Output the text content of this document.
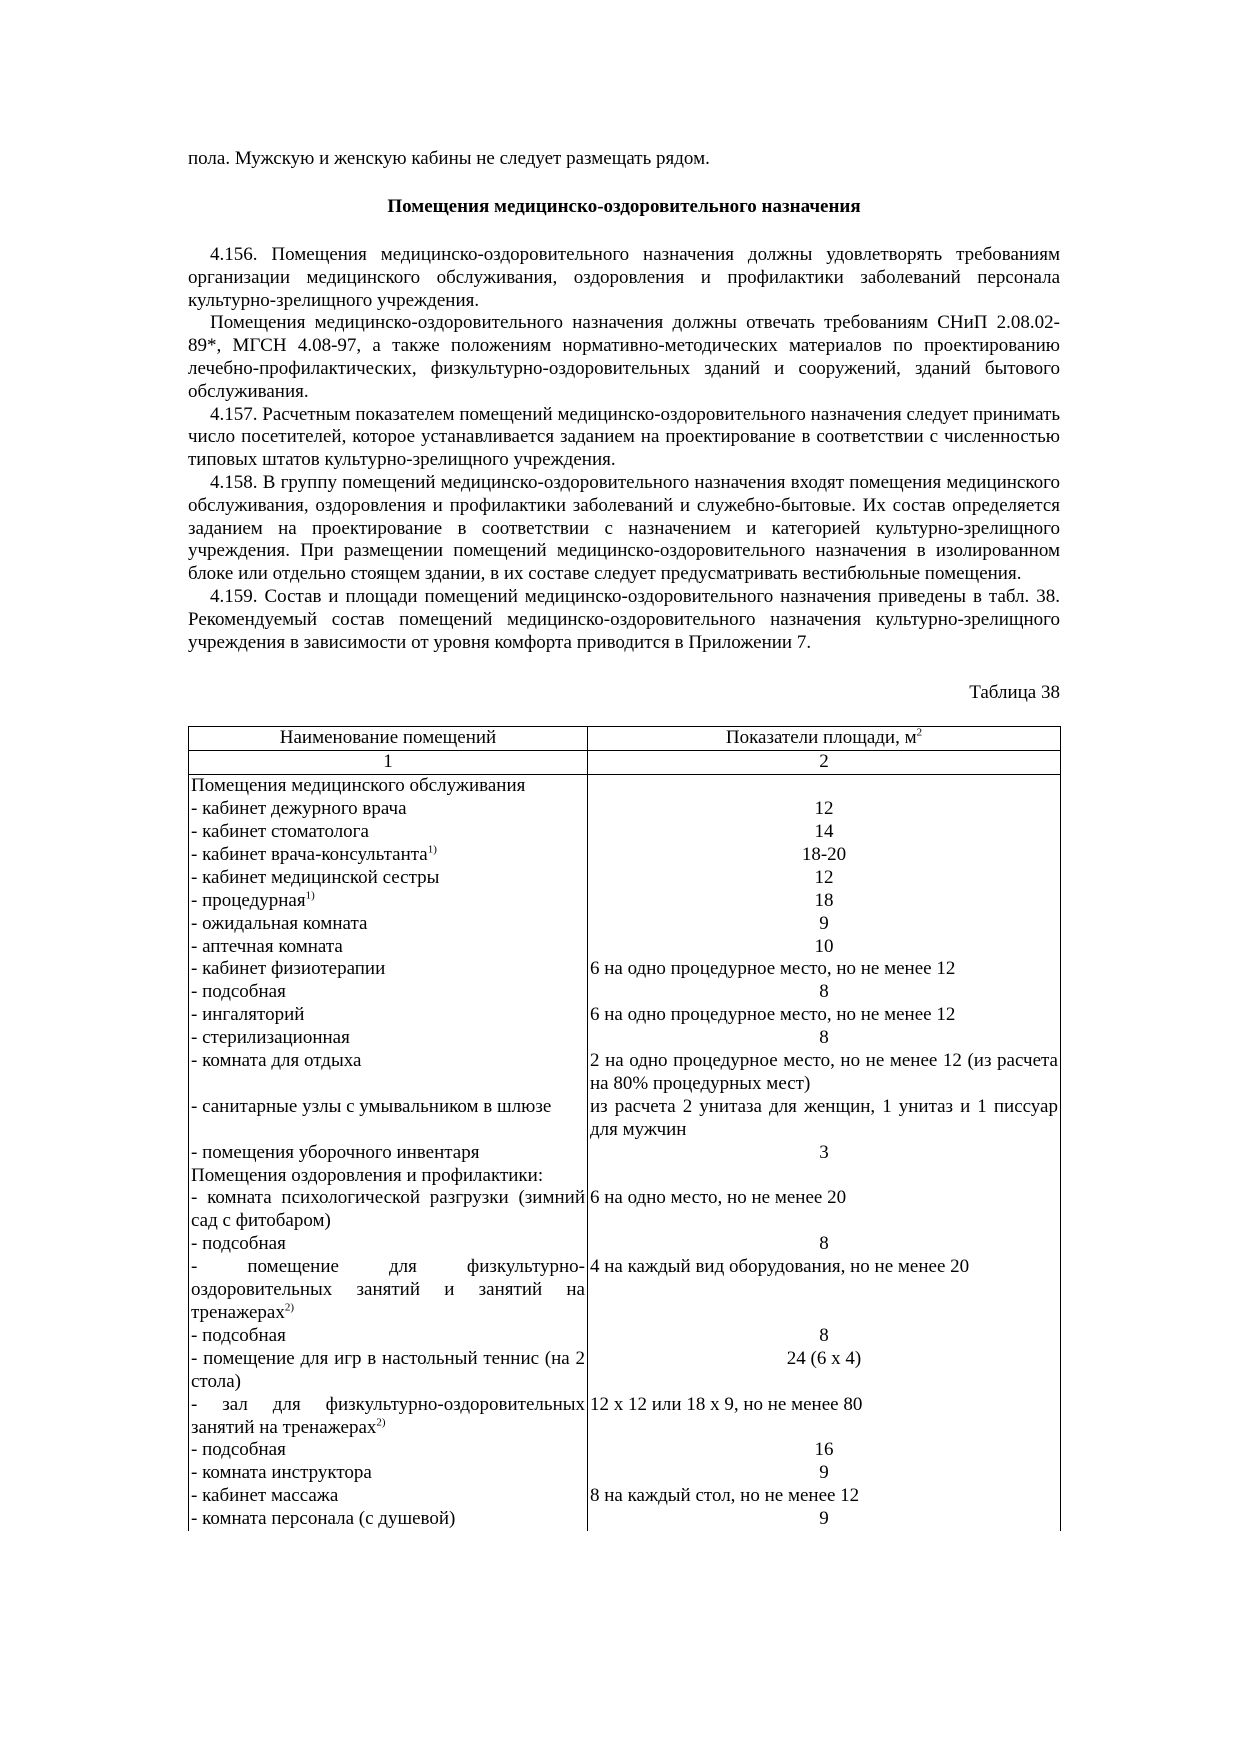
пола. Мужскую и женскую кабины не следует размещать рядом.
Помещения медицинско-оздоровительного назначения

4.156. Помещения медицинско-оздоровительного назначения должны удовлетворять требованиям организации медицинского обслуживания, оздоровления и профилактики заболеваний персонала культурно-зрелищного учреждения.

Помещения медицинско-оздоровительного назначения должны отвечать требованиям СНиП 2.08.02-89*, МГСН 4.08-97, а также положениям нормативно-методических материалов по проектированию лечебно-профилактических, физкультурно-оздоровительных зданий и сооружений, зданий бытового обслуживания.

4.157. Расчетным показателем помещений медицинско-оздоровительного назначения следует принимать число посетителей, которое устанавливается заданием на проектирование в соответствии с численностью типовых штатов культурно-зрелищного учреждения.

4.158. В группу помещений медицинско-оздоровительного назначения входят помещения медицинского обслуживания, оздоровления и профилактики заболеваний и служебно-бытовые. Их состав определяется заданием на проектирование в соответствии с назначением и категорией культурно-зрелищного учреждения. При размещении помещений медицинско-оздоровительного назначения в изолированном блоке или отдельно стоящем здании, в их составе следует предусматривать вестибюльные помещения.

4.159. Состав и площади помещений медицинско-оздоровительного назначения приведены в табл. 38. Рекомендуемый состав помещений медицинско-оздоровительного назначения культурно-зрелищного учреждения в зависимости от уровня комфорта приводится в Приложении 7.

Таблица 38
Наименование помещений	Показатели площади, $м^2$
1	2
Помещения медицинского обслуживания	
- кабинет дежурного врача	12
- кабинет стоматолога	14
- кабинет врача-консультанта$^{1)}$	18-20
- кабинет медицинской сестры	12
- процедурная$^{1)}$	18
- ожидальная комната	9
- аптечная комната	10
- кабинет физиотерапии	6 на одно процедурное место, но не менее 12
- подсобная	8
- ингаляторий	6 на одно процедурное место, но не менее 12
- стерилизационная	8
- комната для отдыха	2 на одно процедурное место, но не менее 12 (из расчета на 80% процедурных мест)
- санитарные узлы с умывальником в шлюзе	из расчета 2 унитаза для женщин, 1 унитаз и 1 писсуар для мужчин
- помещения уборочного инвентаря	3
Помещения оздоровления и профилактики:	
- комната психологической разгрузки (зимний сад с фитобаром)	6 на одно место, но не менее 20
- подсобная	8
- помещение для физкультурно-оздоровительных занятий и занятий на тренажерах$^{2)}$	4 на каждый вид оборудования, но не менее 20
- подсобная	8
- помещение для игр в настольный теннис (на 2 стола)	24 (6 х 4)
- зал для физкультурно-оздоровительных занятий на тренажерах$^{2)}$	12 х 12 или 18 х 9, но не менее 80
- подсобная	16
- комната инструктора	9
- кабинет массажа	8 на каждый стол, но не менее 12
- комната персонала (с душевой)	9
